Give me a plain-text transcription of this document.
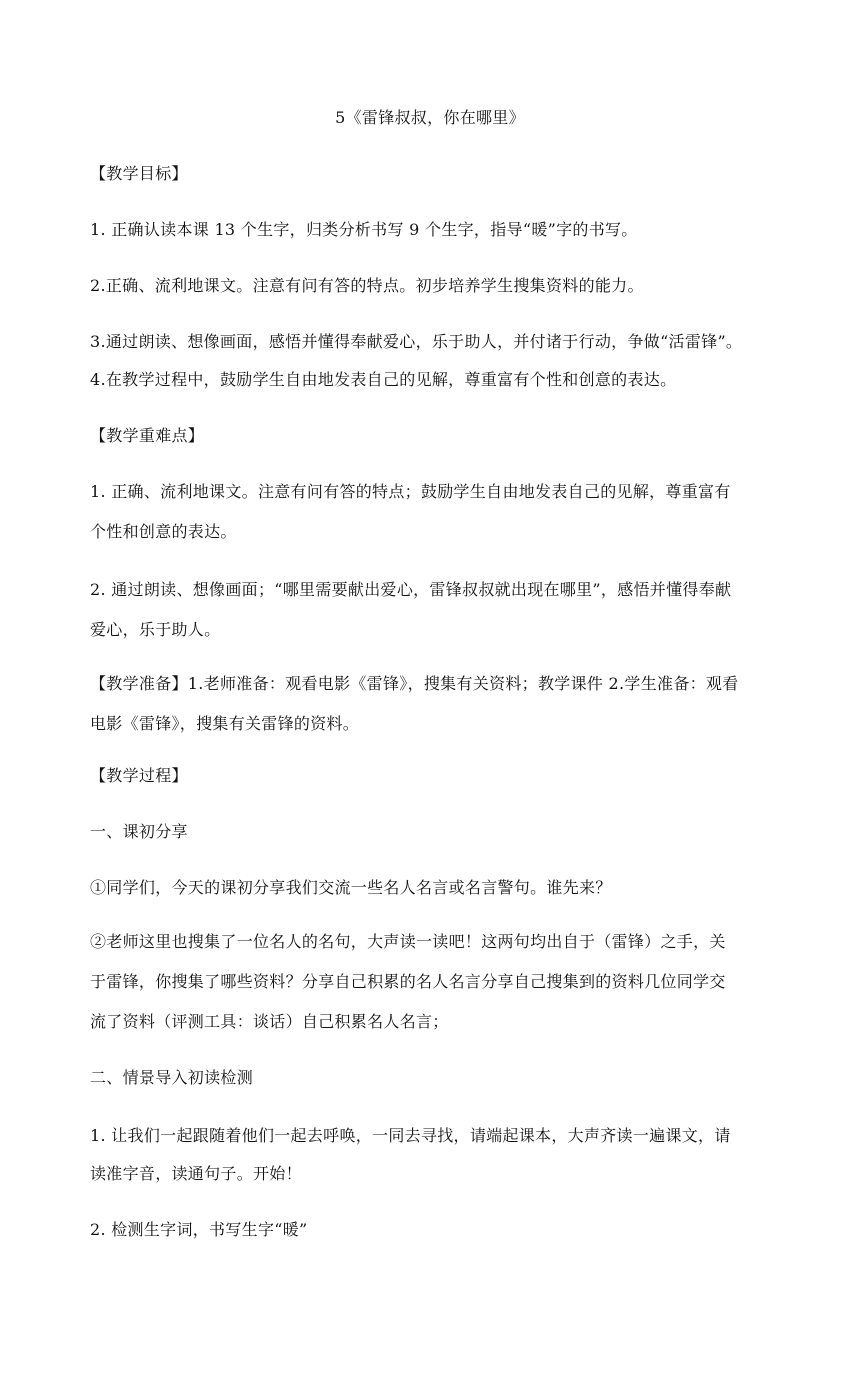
5《雷锋叔叔，你在哪里》
【教学目标】
1. 正确认读本课 13 个生字，归类分析书写 9 个生字，指导“暖”字的书写。
2.正确、流利地课文。注意有问有答的特点。初步培养学生搜集资料的能力。
3.通过朗读、想像画面，感悟并懂得奉献爱心，乐于助人，并付诸于行动，争做“活雷锋”。
4.在教学过程中，鼓励学生自由地发表自己的见解，尊重富有个性和创意的表达。
【教学重难点】
1. 正确、流利地课文。注意有问有答的特点；鼓励学生自由地发表自己的见解，尊重富有
个性和创意的表达。
2. 通过朗读、想像画面；“哪里需要献出爱心，雷锋叔叔就出现在哪里”，感悟并懂得奉献
爱心，乐于助人。
【教学准备】1.老师准备：观看电影《雷锋》，搜集有关资料；教学课件 2.学生准备：观看
电影《雷锋》，搜集有关雷锋的资料。
【教学过程】
一、课初分享
①同学们，今天的课初分享我们交流一些名人名言或名言警句。谁先来？
②老师这里也搜集了一位名人的名句，大声读一读吧！这两句均出自于（雷锋）之手，关
于雷锋，你搜集了哪些资料？分享自己积累的名人名言分享自己搜集到的资料几位同学交
流了资料（评测工具：谈话）自己积累名人名言；
二、情景导入初读检测
1. 让我们一起跟随着他们一起去呼唤，一同去寻找，请端起课本，大声齐读一遍课文，请
读准字音，读通句子。开始！
2. 检测生字词，书写生字“暖”
